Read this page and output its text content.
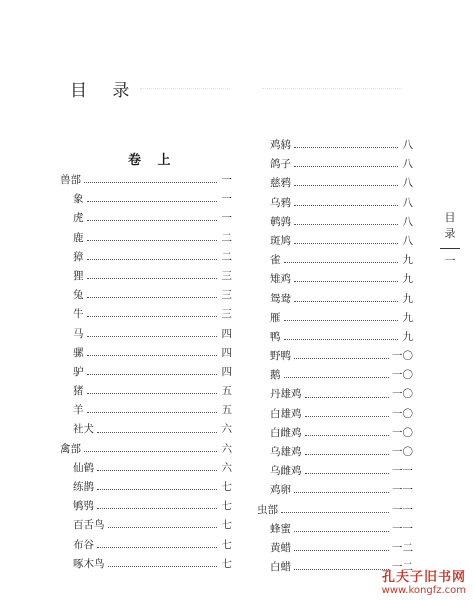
目 录
卷 上
兽部	一
象	一
虎	一
鹿	二
獐	二
狸	三
兔	三
牛	三
马	四
骡	四
驴	四
猪	五
羊	五
社犬	六
禽部	六
仙鹤	六
练鹊	七
鸲鸮	七
百舌鸟	七
布谷	七
啄木鸟	七
鸡鸫	八
鸽子	八
慈鸦	八
乌鸦	八
鹌鹑	八
斑鸠	八
雀	九
雉鸡	九
鸳鸯	九
雁	九
鸭	九
野鸭	一〇
鹅	一〇
丹雄鸡	一〇
白雄鸡	一〇
白雌鸡	一〇
乌雄鸡	一〇
乌雌鸡	一一
鸡卵	一一
虫部	一一
蜂蜜	一一
黄蜡	一二
白蜡	一二
目
录
一
孔夫子旧书网
www.kongfz.com
